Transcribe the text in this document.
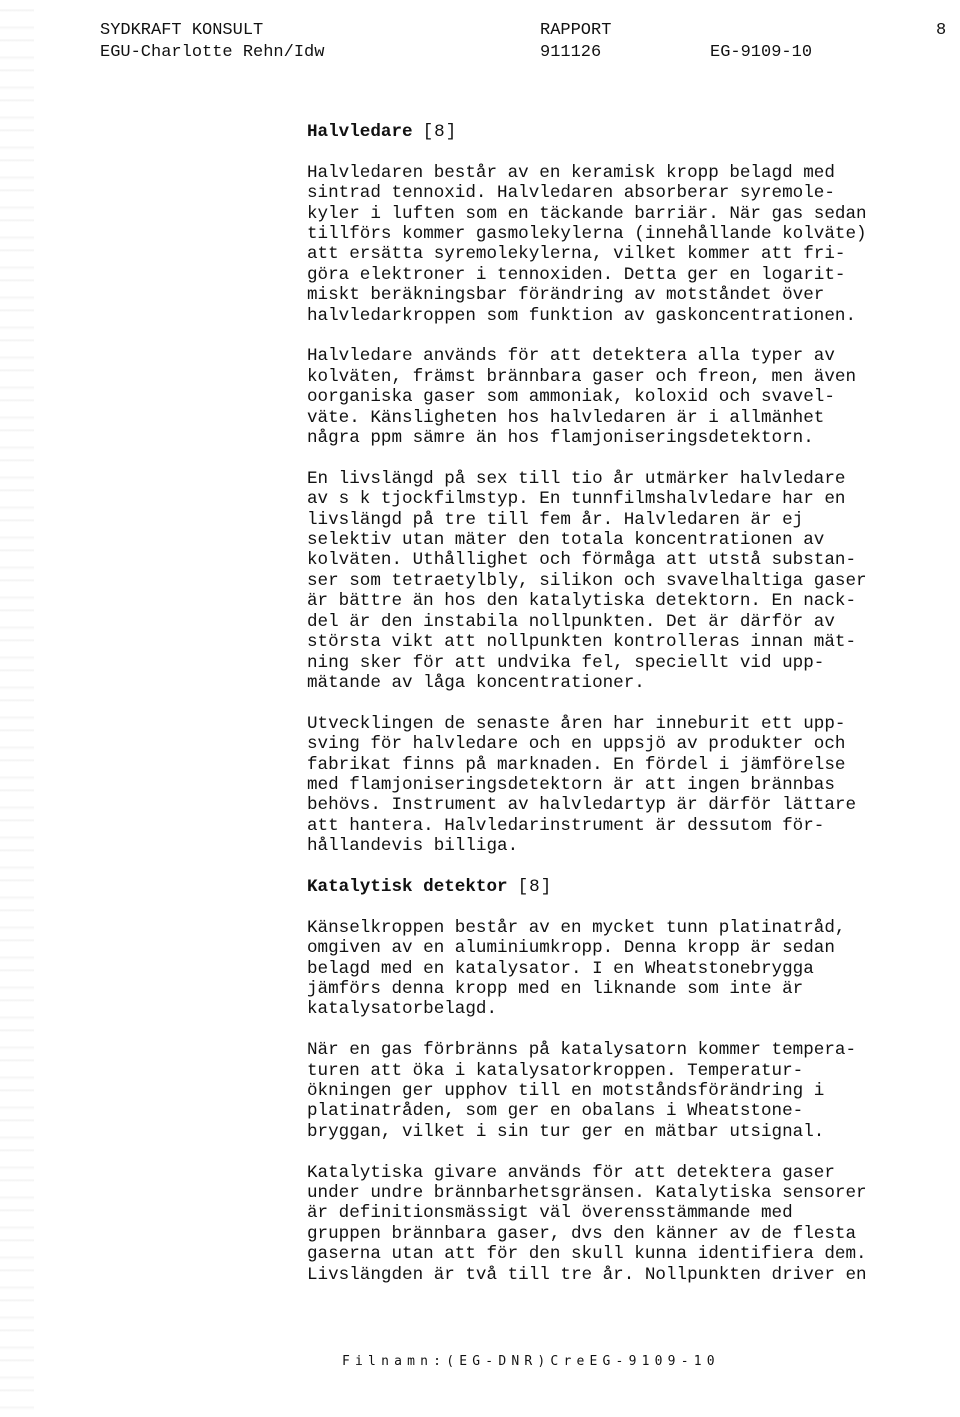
SYDKRAFT KONSULT
EGU-Charlotte Rehn/Idw
RAPPORT
911126	EG-9109-10
8
Halvledare [8]

Halvledaren består av en keramisk kropp belagd med
sintrad tennoxid. Halvledaren absorberar syremole-
kyler i luften som en täckande barriär. När gas sedan
tillförs kommer gasmolekylerna (innehållande kolväte)
att ersätta syremolekylerna, vilket kommer att fri-
göra elektroner i tennoxiden. Detta ger en logarit-
miskt beräkningsbar förändring av motståndet över
halvledarkroppen som funktion av gaskoncentrationen.

Halvledare används för att detektera alla typer av
kolväten, främst brännbara gaser och freon, men även
oorganiska gaser som ammoniak, koloxid och svavel-
väte. Känsligheten hos halvledaren är i allmänhet
några ppm sämre än hos flamjoniseringsdetektorn.

En livslängd på sex till tio år utmärker halvledare
av s k tjockfilmstyp. En tunnfilmshalvledare har en
livslängd på tre till fem år. Halvledaren är ej
selektiv utan mäter den totala koncentrationen av
kolväten. Uthållighet och förmåga att utstå substan-
ser som tetraetylbly, silikon och svavelhaltiga gaser
är bättre än hos den katalytiska detektorn. En nack-
del är den instabila nollpunkten. Det är därför av
största vikt att nollpunkten kontrolleras innan mät-
ning sker för att undvika fel, speciellt vid upp-
mätande av låga koncentrationer.

Utvecklingen de senaste åren har inneburit ett upp-
sving för halvledare och en uppsjö av produkter och
fabrikat finns på marknaden. En fördel i jämförelse
med flamjoniseringsdetektorn är att ingen brännbas
behövs. Instrument av halvledartyp är därför lättare
att hantera. Halvledarinstrument är dessutom för-
hållandevis billiga.

Katalytisk detektor [8]

Känselkroppen består av en mycket tunn platinatråd,
omgiven av en aluminiumkropp. Denna kropp är sedan
belagd med en katalysator. I en Wheatstonebrygga
jämförs denna kropp med en liknande som inte är
katalysatorbelagd.

När en gas förbränns på katalysatorn kommer tempera-
turen att öka i katalysatorkroppen. Temperatur-
ökningen ger upphov till en motståndsförändring i
platinatråden, som ger en obalans i Wheatstone-
bryggan, vilket i sin tur ger en mätbar utsignal.

Katalytiska givare används för att detektera gaser
under undre brännbarhetsgränsen. Katalytiska sensorer
är definitionsmässigt väl överensstämmande med
gruppen brännbara gaser, dvs den känner av de flesta
gaserna utan att för den skull kunna identifiera dem.
Livslängden är två till tre år. Nollpunkten driver en

Filnamn:(EG-DNR)CreEG-9109-10
